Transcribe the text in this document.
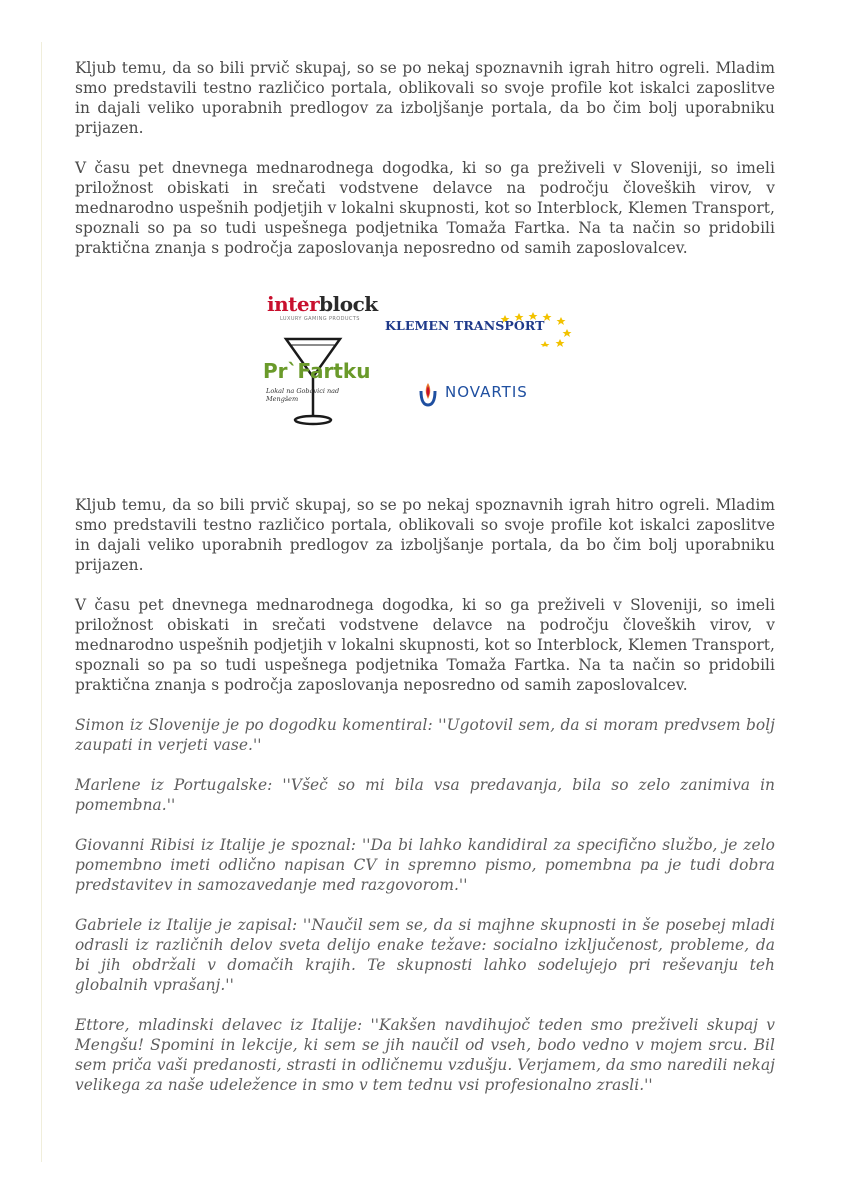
Kljub temu, da so bili prvič skupaj, so se po nekaj spoznavnih igrah hitro ogreli. Mladim smo predstavili testno različico portala, oblikovali so svoje profile kot iskalci zaposlitve in dajali veliko uporabnih predlogov za izboljšanje portala, da bo čim bolj uporabniku prijazen.

V času pet dnevnega mednarodnega dogodka, ki so ga preživeli v Sloveniji, so imeli priložnost obiskati in srečati vodstvene delavce na področju človeških virov, v mednarodno uspešnih podjetjih v lokalni skupnosti, kot so Interblock, Klemen Transport, spoznali so pa so tudi uspešnega podjetnika Tomaža Fartka. Na ta način so pridobili praktična znanja s področja zaposlovanja neposredno od samih zaposlovalcev.

interblock
LUXURY GAMING PRODUCTS KLEMEN TRANSPORT
Pr`Fartku
Lokal na Gobavici nad Mengšem	NOVARTIS

Kljub temu, da so bili prvič skupaj, so se po nekaj spoznavnih igrah hitro ogreli. Mladim smo predstavili testno različico portala, oblikovali so svoje profile kot iskalci zaposlitve in dajali veliko uporabnih predlogov za izboljšanje portala, da bo čim bolj uporabniku prijazen.

V času pet dnevnega mednarodnega dogodka, ki so ga preživeli v Sloveniji, so imeli priložnost obiskati in srečati vodstvene delavce na področju človeških virov, v mednarodno uspešnih podjetjih v lokalni skupnosti, kot so Interblock, Klemen Transport, spoznali so pa so tudi uspešnega podjetnika Tomaža Fartka. Na ta način so pridobili praktična znanja s področja zaposlovanja neposredno od samih zaposlovalcev.

Simon iz Slovenije je po dogodku komentiral: ''Ugotovil sem, da si moram predvsem bolj zaupati in verjeti vase.''

Marlene iz Portugalske: ''Všeč so mi bila vsa predavanja, bila so zelo zanimiva in pomembna.''

Giovanni Ribisi iz Italije je spoznal: ''Da bi lahko kandidiral za specifično službo, je zelo pomembno imeti odlično napisan CV in spremno pismo, pomembna pa je tudi dobra predstavitev in samozavedanje med razgovorom.''

Gabriele iz Italije je zapisal: ''Naučil sem se, da si majhne skupnosti in še posebej mladi odrasli iz različnih delov sveta delijo enake težave: socialno izključenost, probleme, da bi jih obdržali v domačih krajih. Te skupnosti lahko sodelujejo pri reševanju teh globalnih vprašanj.''

Ettore, mladinski delavec iz Italije: ''Kakšen navdihujoč teden smo preživeli skupaj v Mengšu! Spomini in lekcije, ki sem se jih naučil od vseh, bodo vedno v mojem srcu. Bil sem priča vaši predanosti, strasti in odličnemu vzdušju. Verjamem, da smo naredili nekaj velikega za naše udeležence in smo v tem tednu vsi profesionalno zrasli.''
